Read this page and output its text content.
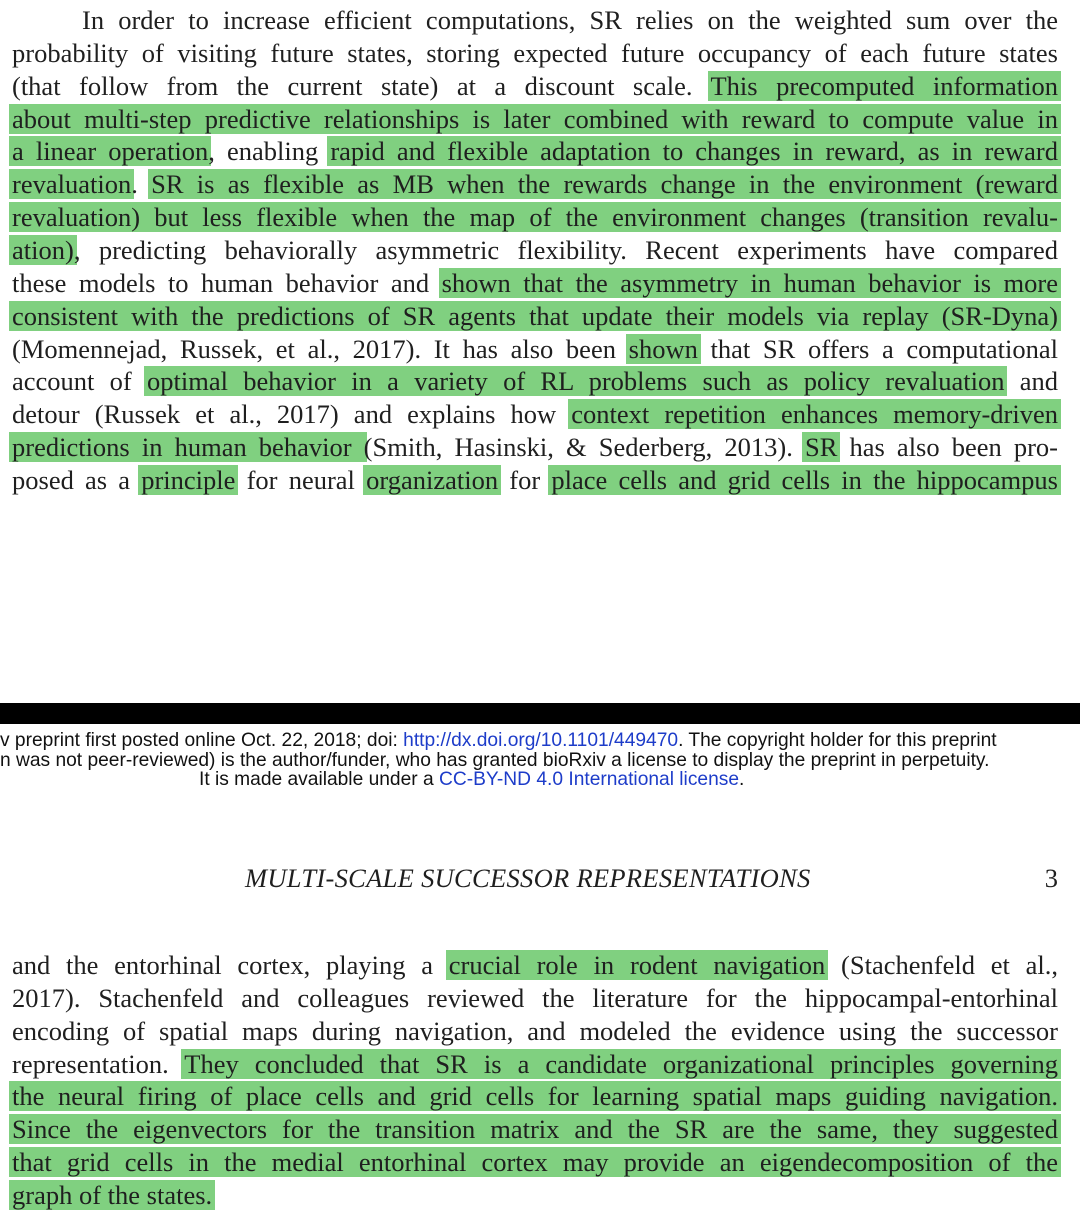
In order to increase efficient computations, SR relies on the weighted sum over the
probability of visiting future states, storing expected future occupancy of each future states
(that follow from the current state) at a discount scale. This precomputed information
about multi-step predictive relationships is later combined with reward to compute value in
a linear operation, enabling rapid and flexible adaptation to changes in reward, as in reward
revaluation. SR is as flexible as MB when the rewards change in the environment (reward
revaluation) but less flexible when the map of the environment changes (transition revalu-
ation), predicting behaviorally asymmetric flexibility. Recent experiments have compared
these models to human behavior and shown that the asymmetry in human behavior is more
consistent with the predictions of SR agents that update their models via replay (SR-Dyna)
(Momennejad, Russek, et al., 2017). It has also been shown that SR offers a computational
account of optimal behavior in a variety of RL problems such as policy revaluation and
detour (Russek et al., 2017) and explains how context repetition enhances memory-driven
predictions in human behavior (Smith, Hasinski, & Sederberg, 2013). SR has also been pro-
posed as a principle for neural organization for place cells and grid cells in the hippocampus
v preprint first posted online Oct. 22, 2018; doi: http://dx.doi.org/10.1101/449470. The copyright holder for this preprint
n was not peer-reviewed) is the author/funder, who has granted bioRxiv a license to display the preprint in perpetuity.
It is made available under a CC-BY-ND 4.0 International license.
MULTI-SCALE SUCCESSOR REPRESENTATIONS	3
and the entorhinal cortex, playing a crucial role in rodent navigation (Stachenfeld et al.,
2017). Stachenfeld and colleagues reviewed the literature for the hippocampal-entorhinal
encoding of spatial maps during navigation, and modeled the evidence using the successor
representation. They concluded that SR is a candidate organizational principles governing
the neural firing of place cells and grid cells for learning spatial maps guiding navigation.
Since the eigenvectors for the transition matrix and the SR are the same, they suggested
that grid cells in the medial entorhinal cortex may provide an eigendecomposition of the
graph of the states.
